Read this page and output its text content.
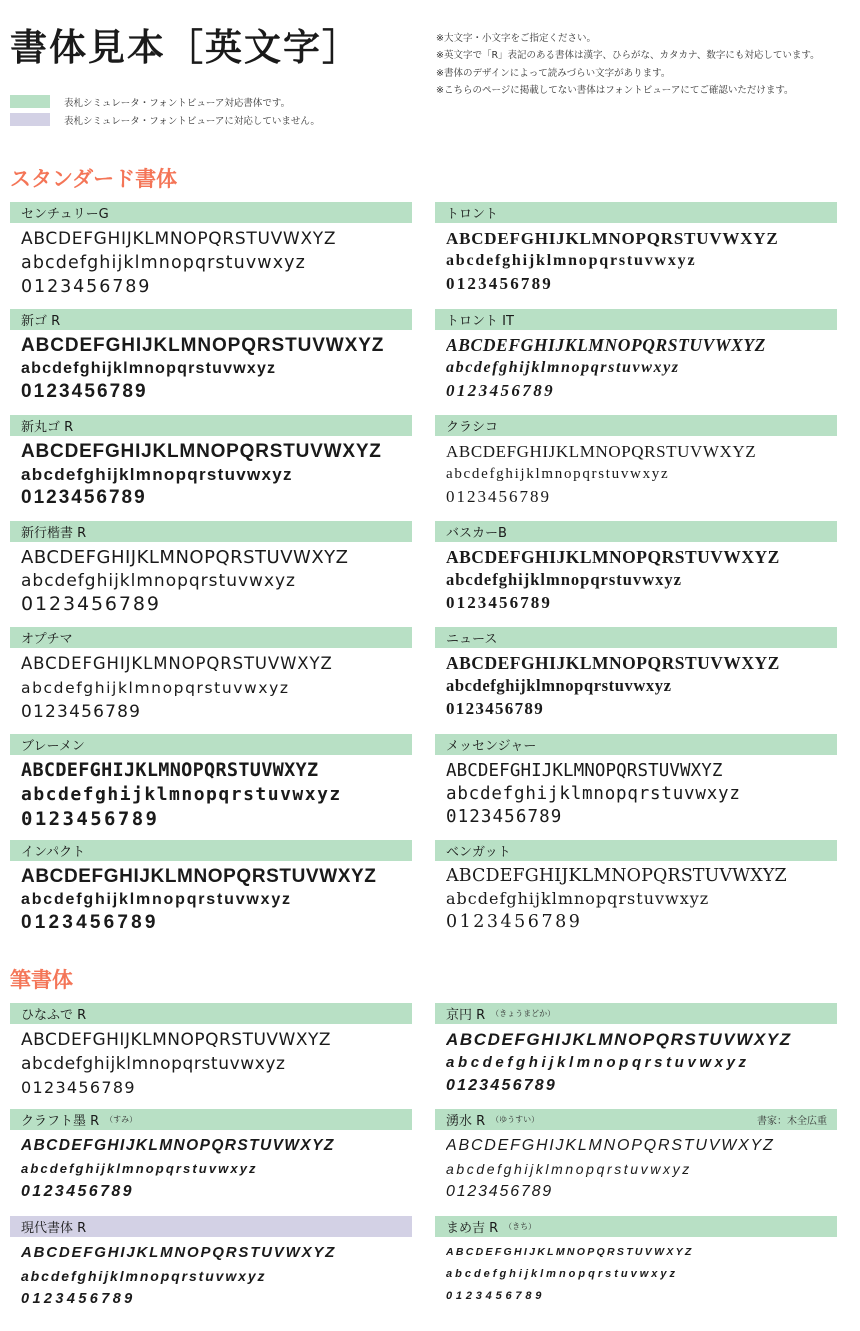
書体見本［英文字］	※大文字・小文字をご指定ください。
※英文字で「R」表記のある書体は漢字、ひらがな、カタカナ、数字にも対応しています。
※書体のデザインによって読みづらい文字があります。
※こちらのページに掲載してない書体はフォントビューアにてご確認いただけます。
表札シミュレータ・フォントビューア対応書体です。
表札シミュレータ・フォントビューアに対応していません。
スタンダード書体
筆書体
センチュリーG
ABCDEFGHIJKLMNOPQRSTUVWXYZ
abcdefghijklmnopqrstuvwxyz
0123456789
トロント
ABCDEFGHIJKLMNOPQRSTUVWXYZ
abcdefghijklmnopqrstuvwxyz
0123456789
新ゴ R
ABCDEFGHIJKLMNOPQRSTUVWXYZ
abcdefghijklmnopqrstuvwxyz
0123456789
トロント IT
ABCDEFGHIJKLMNOPQRSTUVWXYZ
abcdefghijklmnopqrstuvwxyz
0123456789
新丸ゴ R
ABCDEFGHIJKLMNOPQRSTUVWXYZ
abcdefghijklmnopqrstuvwxyz
0123456789
クラシコ
ABCDEFGHIJKLMNOPQRSTUVWXYZ
abcdefghijklmnopqrstuvwxyz
0123456789
新行楷書 R
ABCDEFGHIJKLMNOPQRSTUVWXYZ
abcdefghijklmnopqrstuvwxyz
0123456789
バスカーB
ABCDEFGHIJKLMNOPQRSTUVWXYZ
abcdefghijklmnopqrstuvwxyz
0123456789
オプチマ
ABCDEFGHIJKLMNOPQRSTUVWXYZ
abcdefghijklmnopqrstuvwxyz
0123456789
ニュース
ABCDEFGHIJKLMNOPQRSTUVWXYZ
abcdefghijklmnopqrstuvwxyz
0123456789
ブレーメン
ABCDEFGHIJKLMNOPQRSTUVWXYZ
abcdefghijklmnopqrstuvwxyz
0123456789
メッセンジャー
ABCDEFGHIJKLMNOPQRSTUVWXYZ
abcdefghijklmnopqrstuvwxyz
0123456789
インパクト
ABCDEFGHIJKLMNOPQRSTUVWXYZ
abcdefghijklmnopqrstuvwxyz
0123456789
ベンガット
ABCDEFGHIJKLMNOPQRSTUVWXYZ
abcdefghijklmnopqrstuvwxyz
0123456789
ひなふで R
ABCDEFGHIJKLMNOPQRSTUVWXYZ
abcdefghijklmnopqrstuvwxyz
0123456789
京円 R （きょうまどか）
ABCDEFGHIJKLMNOPQRSTUVWXYZ
abcdefghijklmnopqrstuvwxyz
0123456789
クラフト墨 R （すみ）
ABCDEFGHIJKLMNOPQRSTUVWXYZ
abcdefghijklmnopqrstuvwxyz
0123456789
湧水 R （ゆうすい）	書家：木全広重
ABCDEFGHIJKLMNOPQRSTUVWXYZ
abcdefghijklmnopqrstuvwxyz
0123456789
現代書体 R
ABCDEFGHIJKLMNOPQRSTUVWXYZ
abcdefghijklmnopqrstuvwxyz
0123456789
まめ吉 R （きち）
ABCDEFGHIJKLMNOPQRSTUVWXYZ
abcdefghijklmnopqrstuvwxyz
0123456789
